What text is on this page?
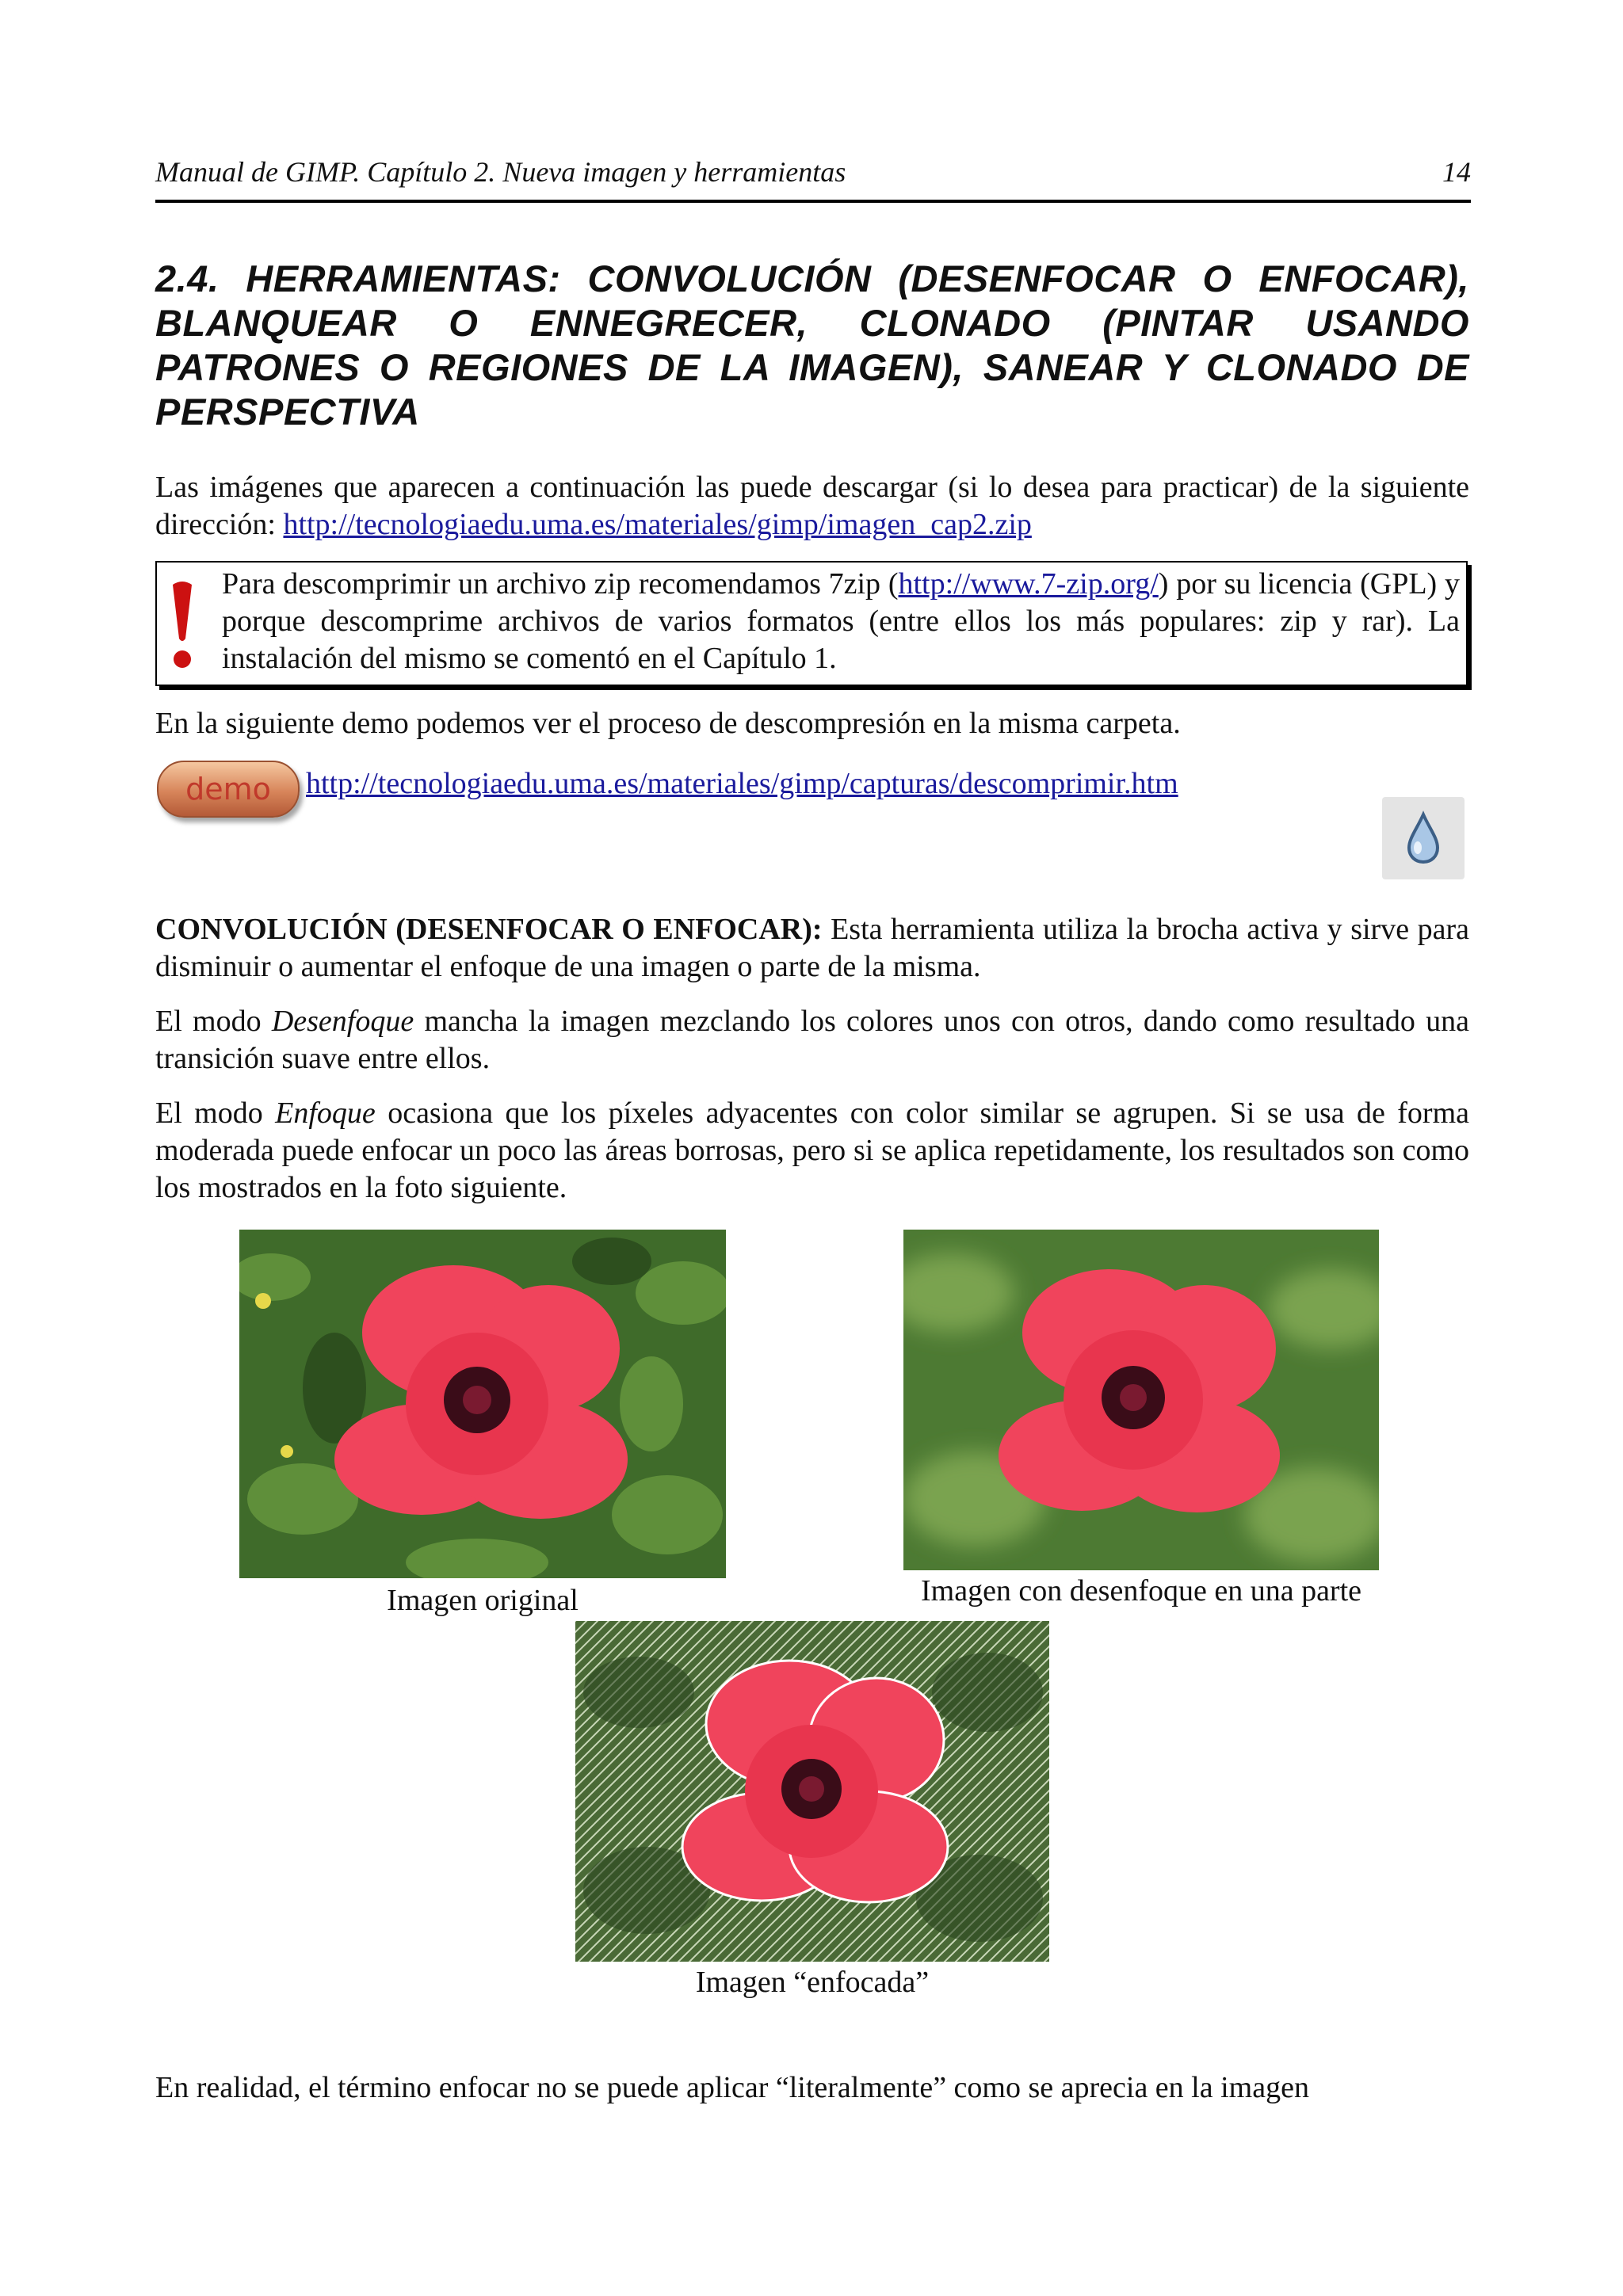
Manual de GIMP. Capítulo 2. Nueva imagen y herramientas	14
2.4. HERRAMIENTAS: CONVOLUCIÓN (DESENFOCAR O ENFOCAR), BLANQUEAR O ENNEGRECER, CLONADO (PINTAR USANDO PATRONES O REGIONES DE LA IMAGEN), SANEAR Y CLONADO DE PERSPECTIVA
Las imágenes que aparecen a continuación las puede descargar (si lo desea para practicar) de la siguiente dirección: http://tecnologiaedu.uma.es/materiales/gimp/imagen_cap2.zip
Para descomprimir un archivo zip recomendamos 7zip (http://www.7-zip.org/) por su licencia (GPL) y porque descomprime archivos de varios formatos (entre ellos los más populares: zip y rar). La instalación del mismo se comentó en el Capítulo 1.
En la siguiente demo podemos ver el proceso de descompresión en la misma carpeta.
demo	http://tecnologiaedu.uma.es/materiales/gimp/capturas/descomprimir.htm
CONVOLUCIÓN (DESENFOCAR O ENFOCAR): Esta herramienta utiliza la brocha activa y sirve para disminuir o aumentar el enfoque de una imagen o parte de la misma.
El modo Desenfoque mancha la imagen mezclando los colores unos con otros, dando como resultado una transición suave entre ellos.
El modo Enfoque ocasiona que los píxeles adyacentes con color similar se agrupen. Si se usa de forma moderada puede enfocar un poco las áreas borrosas, pero si se aplica repetidamente, los resultados son como los mostrados en la foto siguiente.
Imagen original	Imagen con desenfoque en una parte
Imagen “enfocada”
En realidad, el término enfocar no se puede aplicar “literalmente” como se aprecia en la imagen
